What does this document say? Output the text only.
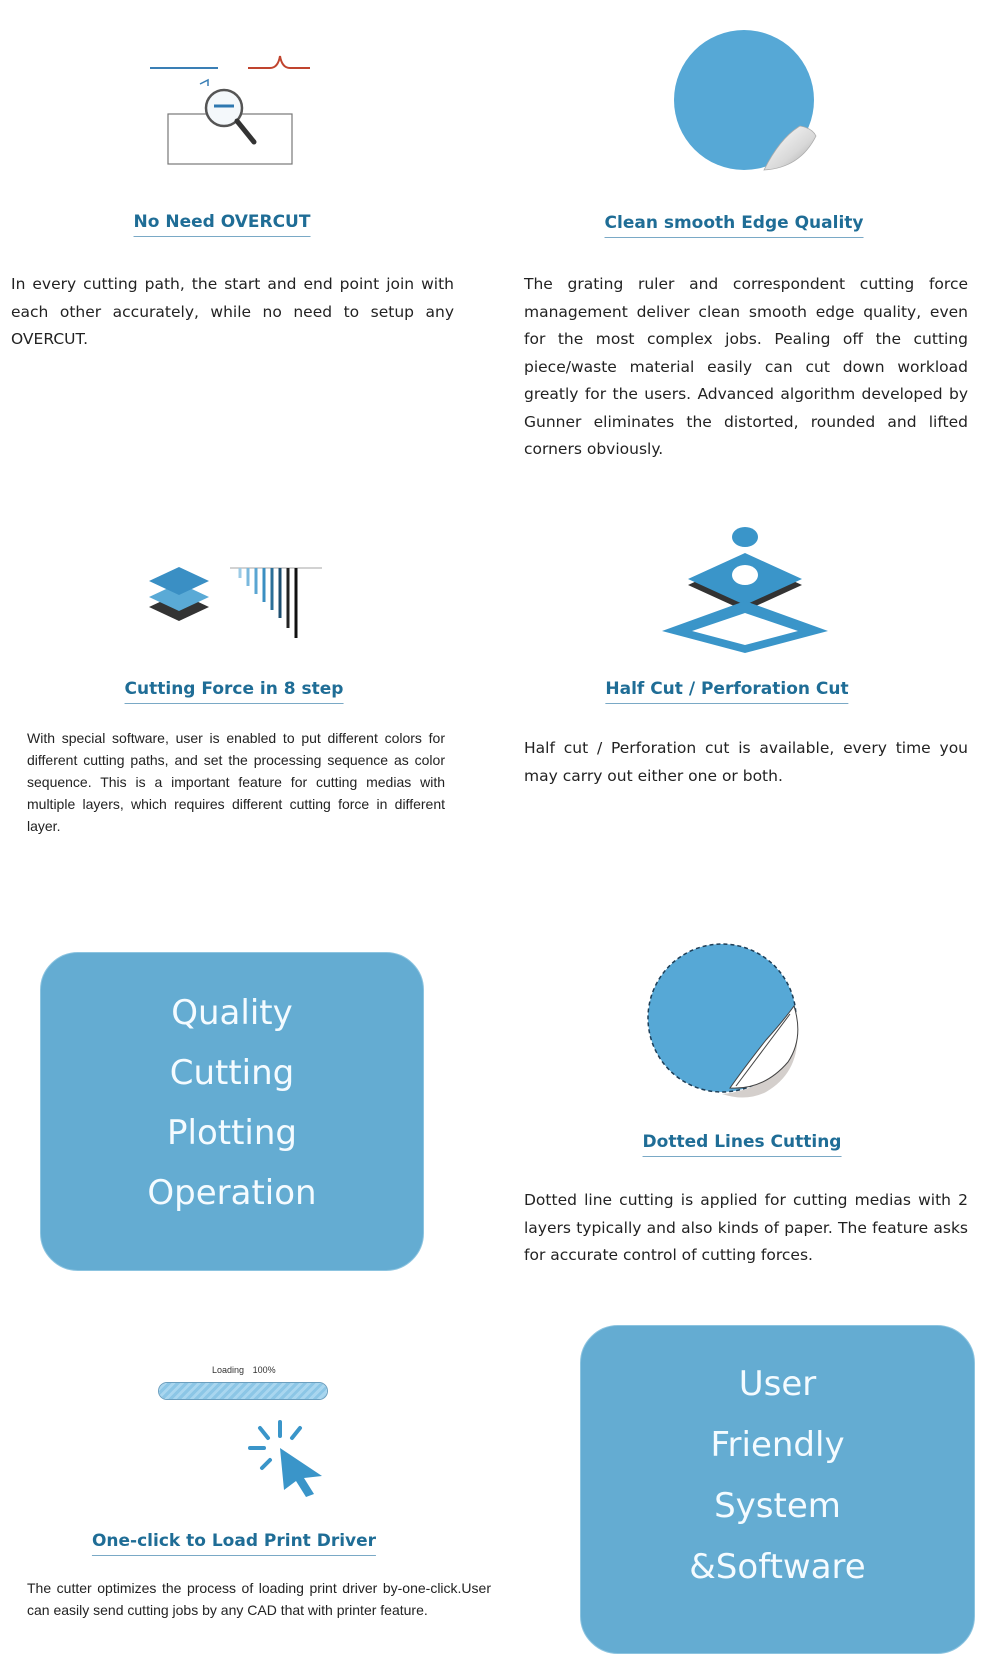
No Need OVERCUT
In every cutting path, the start and end point join with each other accurately, while no need to setup any OVERCUT.
Clean smooth Edge Quality
The grating ruler and correspondent cutting force management deliver clean smooth edge quality, even for the most complex jobs. Pealing off the cutting piece/waste material easily can cut down workload greatly for the users. Advanced algorithm developed by Gunner eliminates the distorted, rounded and lifted corners obviously.
Cutting Force in 8 step
With special software, user is enabled to put different colors for different cutting paths, and set the processing sequence as color sequence. This is a important feature for cutting medias with multiple layers, which requires different cutting force in different layer.
Half Cut / Perforation Cut
Half cut / Perforation cut is available, every time you may carry out either one or both.
Quality
Cutting
Plotting
Operation
Dotted Lines Cutting
Dotted line cutting is applied for cutting medias with 2 layers typically and also kinds of paper. The feature asks for accurate control of cutting forces.
Loading 100%
One-click to Load Print Driver
The cutter optimizes the process of loading print driver by-one-click.User can easily send cutting jobs by any CAD that with printer feature.
User
Friendly
System
&Software
